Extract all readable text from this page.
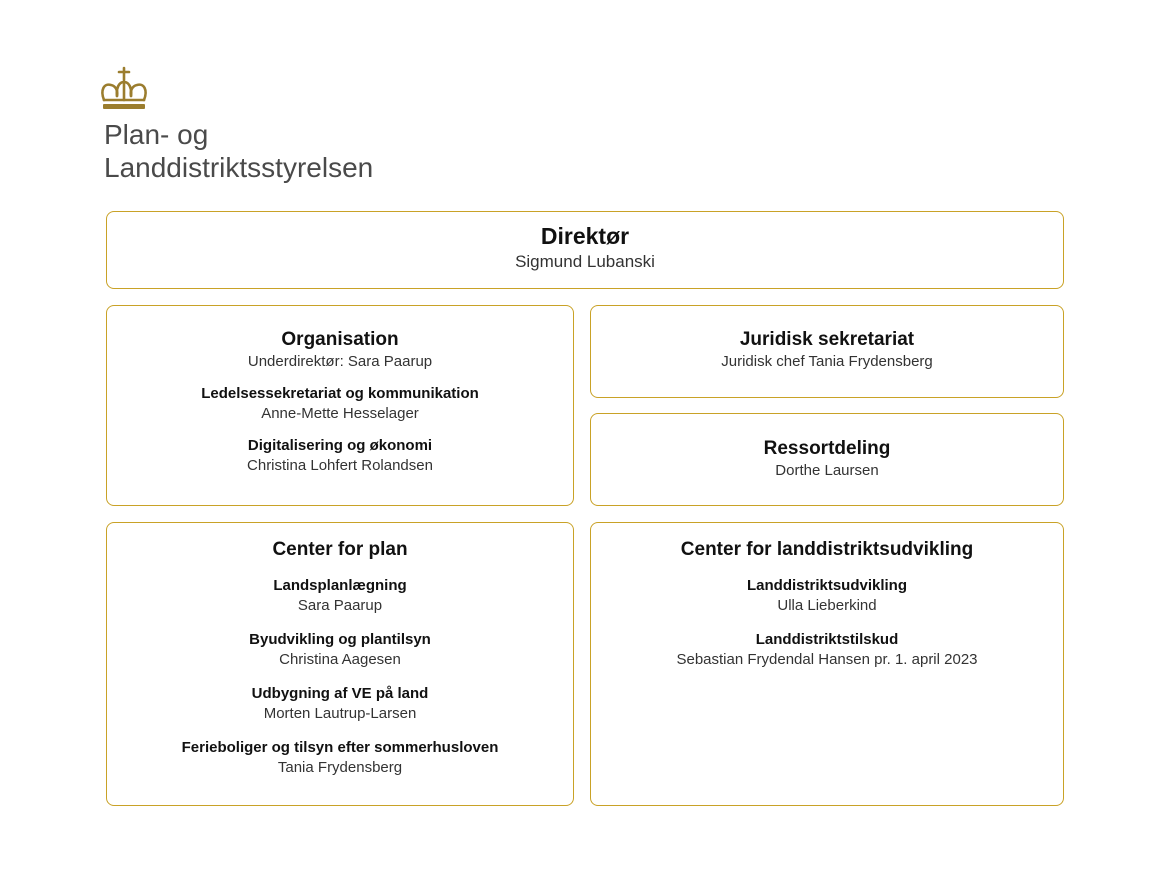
Plan- og
Landdistriktsstyrelsen
Direktør
Sigmund Lubanski
Organisation
Underdirektør: Sara Paarup
Ledelsessekretariat og kommunikation
Anne-Mette Hesselager
Digitalisering og økonomi
Christina Lohfert Rolandsen
Juridisk sekretariat
Juridisk chef Tania Frydensberg
Ressortdeling
Dorthe Laursen
Center for plan
Landsplanlægning
Sara Paarup
Byudvikling og plantilsyn
Christina Aagesen
Udbygning af VE på land
Morten Lautrup-Larsen
Ferieboliger og tilsyn efter sommerhusloven
Tania Frydensberg
Center for landdistriktsudvikling
Landdistriktsudvikling
Ulla Lieberkind
Landdistriktstilskud
Sebastian Frydendal Hansen pr. 1. april 2023
